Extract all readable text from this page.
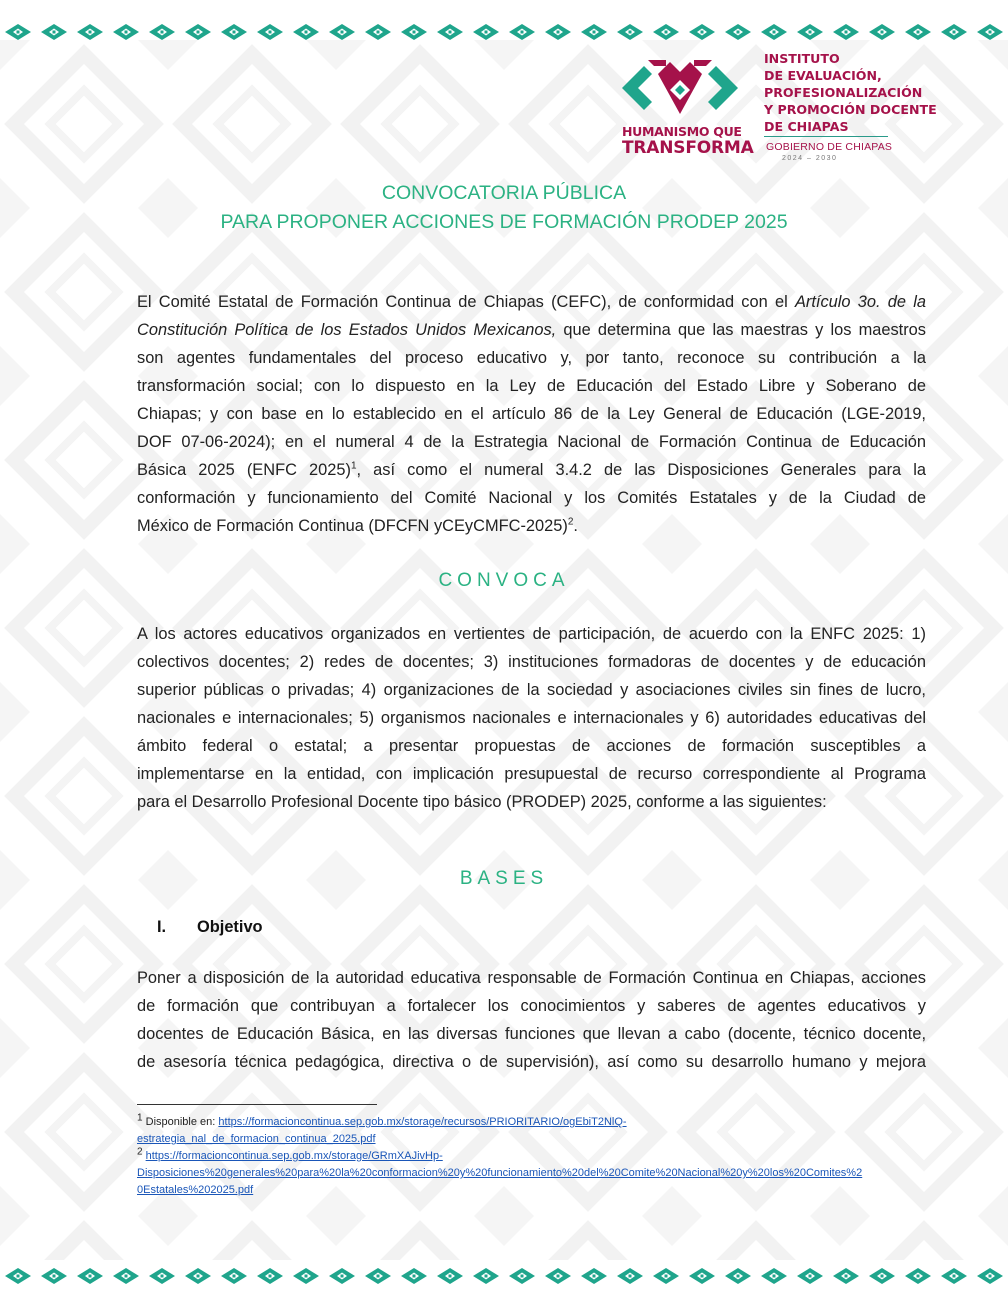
HUMANISMO QUE
TRANSFORMA
INSTITUTO
DE EVALUACIÓN,
PROFESIONALIZACIÓN
Y PROMOCIÓN DOCENTE
DE CHIAPAS
GOBIERNO DE CHIAPAS
2024 – 2030
CONVOCATORIA PÚBLICA
PARA PROPONER ACCIONES DE FORMACIÓN PRODEP 2025
El Comité Estatal de Formación Continua de Chiapas (CEFC), de conformidad con el Artículo 3o. de la
Constitución Política de los Estados Unidos Mexicanos, que determina que las maestras y los maestros
son agentes fundamentales del proceso educativo y, por tanto, reconoce su contribución a la
transformación social; con lo dispuesto en la Ley de Educación del Estado Libre y Soberano de
Chiapas; y con base en lo establecido en el artículo 86 de la Ley General de Educación (LGE-2019,
DOF 07-06-2024); en el numeral 4 de la Estrategia Nacional de Formación Continua de Educación
Básica 2025 (ENFC 2025)$^1$, así como el numeral 3.4.2 de las Disposiciones Generales para la
conformación y funcionamiento del Comité Nacional y los Comités Estatales y de la Ciudad de
México de Formación Continua (DFCFN yCEyCMFC-2025)$^2$.
CONVOCA
A los actores educativos organizados en vertientes de participación, de acuerdo con la ENFC 2025: 1)
colectivos docentes; 2) redes de docentes; 3) instituciones formadoras de docentes y de educación
superior públicas o privadas; 4) organizaciones de la sociedad y asociaciones civiles sin fines de lucro,
nacionales e internacionales; 5) organismos nacionales e internacionales y 6) autoridades educativas del
ámbito federal o estatal; a presentar propuestas de acciones de formación susceptibles a
implementarse en la entidad, con implicación presupuestal de recurso correspondiente al Programa
para el Desarrollo Profesional Docente tipo básico (PRODEP) 2025, conforme a las siguientes:
BASES
I. Objetivo
Poner a disposición de la autoridad educativa responsable de Formación Continua en Chiapas, acciones
de formación que contribuyan a fortalecer los conocimientos y saberes de agentes educativos y
docentes de Educación Básica, en las diversas funciones que llevan a cabo (docente, técnico docente,
de asesoría técnica pedagógica, directiva o de supervisión), así como su desarrollo humano y mejora
$^1$ Disponible en: https://formacioncontinua.sep.gob.mx/storage/recursos/PRIORITARIO/ogEbiT2NlQ-
estrategia_nal_de_formacion_continua_2025.pdf
$^2$ https://formacioncontinua.sep.gob.mx/storage/GRmXAJivHp-
Disposiciones%20generales%20para%20la%20conformacion%20y%20funcionamiento%20del%20Comite%20Nacional%20y%20los%20Comites%2
0Estatales%202025.pdf
